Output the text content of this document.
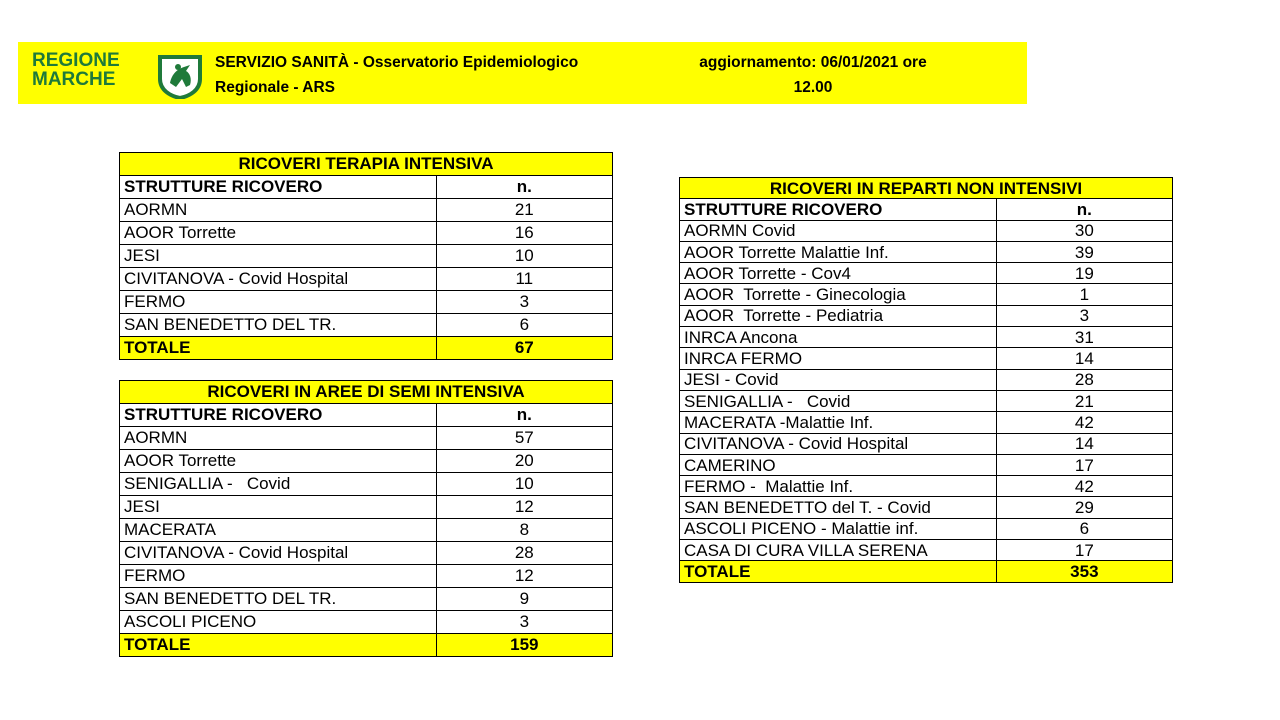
REGIONE
MARCHE
SERVIZIO SANITÀ - Osservatorio Epidemiologico
Regionale - ARS
aggiornamento: 06/01/2021 ore
12.00
RICOVERI TERAPIA INTENSIVA	
STRUTTURE RICOVERO	n.
AORMN	21
AOOR Torrette	16
JESI	10
CIVITANOVA - Covid Hospital	11
FERMO	3
SAN BENEDETTO DEL TR.	6
TOTALE	67
RICOVERI IN AREE DI SEMI INTENSIVA	
STRUTTURE RICOVERO	n.
AORMN	57
AOOR Torrette	20
SENIGALLIA -   Covid	10
JESI	12
MACERATA	8
CIVITANOVA - Covid Hospital	28
FERMO	12
SAN BENEDETTO DEL TR.	9
ASCOLI PICENO	3
TOTALE	159
RICOVERI IN REPARTI NON INTENSIVI	
STRUTTURE RICOVERO	n.
AORMN Covid	30
AOOR Torrette Malattie Inf.	39
AOOR Torrette - Cov4	19
AOOR  Torrette - Ginecologia	1
AOOR  Torrette - Pediatria	3
INRCA Ancona	31
INRCA FERMO	14
JESI - Covid	28
SENIGALLIA -   Covid	21
MACERATA -Malattie Inf.	42
CIVITANOVA - Covid Hospital	14
CAMERINO	17
FERMO -  Malattie Inf.	42
SAN BENEDETTO del T. - Covid	29
ASCOLI PICENO - Malattie inf.	6
CASA DI CURA VILLA SERENA	17
TOTALE	353
